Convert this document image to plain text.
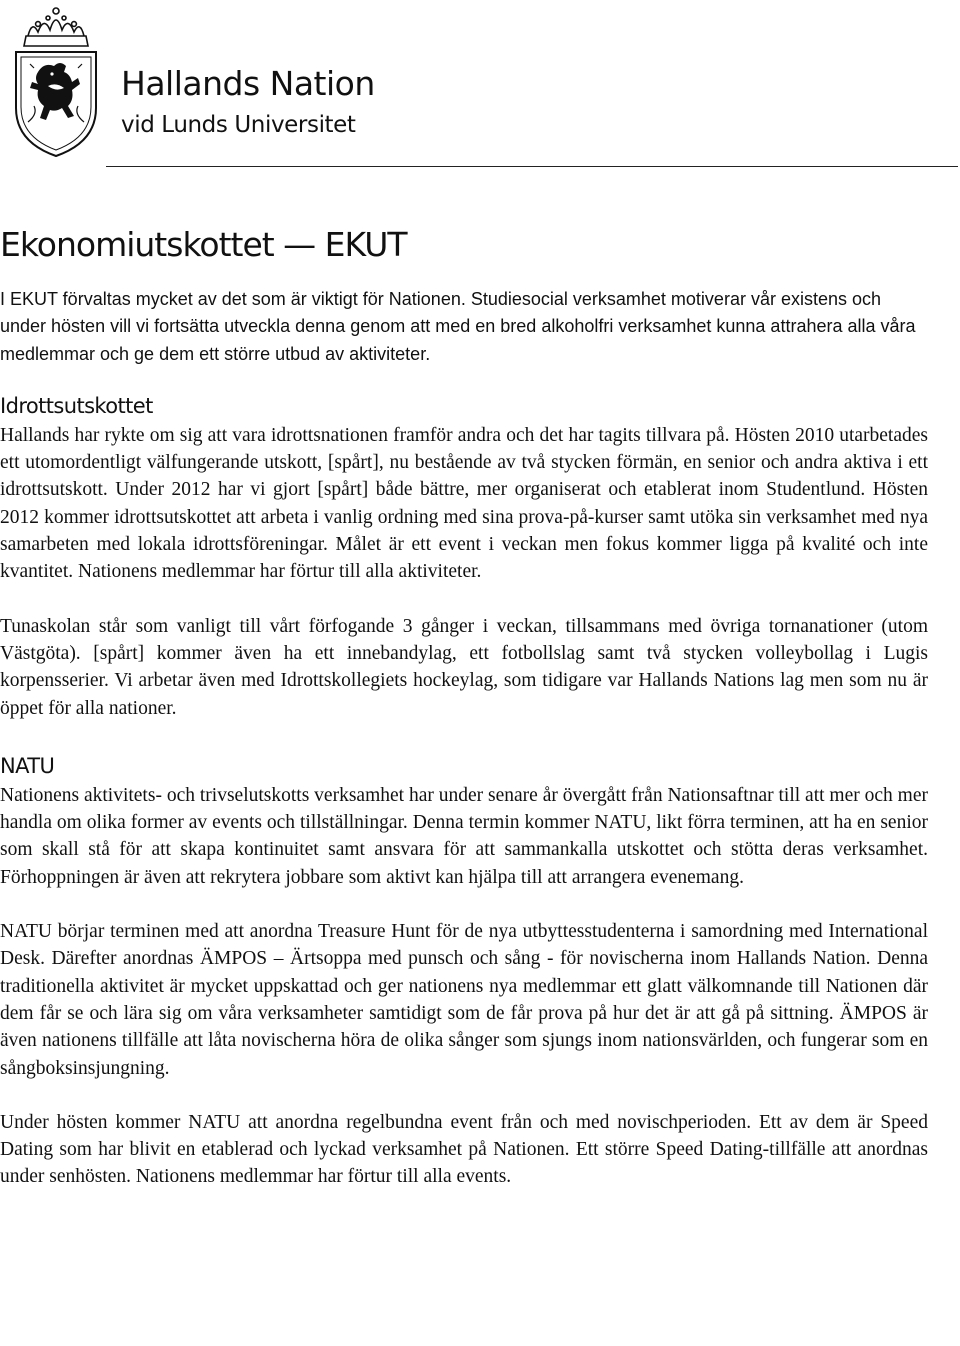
Hallands Nation
vid Lunds Universitet
Ekonomiutskottet — EKUT

I EKUT förvaltas mycket av det som är viktigt för Nationen. Studiesocial verksamhet motiverar vår existens och under hösten vill vi fortsätta utveckla denna genom att med en bred alkoholfri verksamhet kunna attrahera alla våra medlemmar och ge dem ett större utbud av aktiviteter.

Idrottsutskottet

Hallands har rykte om sig att vara idrottsnationen framför andra och det har tagits tillvara på. Hösten 2010 utarbetades ett utomordentligt välfungerande utskott, [spårt], nu bestående av två stycken förmän, en senior och andra aktiva i ett idrottsutskott. Under 2012 har vi gjort [spårt] både bättre, mer organiserat och etablerat inom Studentlund. Hösten 2012 kommer idrottsutskottet att arbeta i vanlig ordning med sina prova-på-kurser samt utöka sin verksamhet med nya samarbeten med lokala idrottsföreningar. Målet är ett event i veckan men fokus kommer ligga på kvalité och inte kvantitet. Nationens medlemmar har förtur till alla aktiviteter.

Tunaskolan står som vanligt till vårt förfogande 3 gånger i veckan, tillsammans med övriga tornanationer (utom Västgöta). [spårt] kommer även ha ett innebandylag, ett fotbollslag samt två stycken volleybollag i Lugis korpensserier. Vi arbetar även med Idrottskollegiets hockeylag, som tidigare var Hallands Nations lag men som nu är öppet för alla nationer.

NATU

Nationens aktivitets- och trivselutskotts verksamhet har under senare år övergått från Nationsaftnar till att mer och mer handla om olika former av events och tillställningar. Denna termin kommer NATU, likt förra terminen, att ha en senior som skall stå för att skapa kontinuitet samt ansvara för att sammankalla utskottet och stötta deras verksamhet. Förhoppningen är även att rekrytera jobbare som aktivt kan hjälpa till att arrangera evenemang.

NATU börjar terminen med att anordna Treasure Hunt för de nya utbyttesstudenterna i samordning med International Desk. Därefter anordnas ÄMPOS – Ärtsoppa med punsch och sång - för novischerna inom Hallands Nation. Denna traditionella aktivitet är mycket uppskattad och ger nationens nya medlemmar ett glatt välkomnande till Nationen där dem får se och lära sig om våra verksamheter samtidigt som de får prova på hur det är att gå på sittning. ÄMPOS är även nationens tillfälle att låta novischerna höra de olika sånger som sjungs inom nationsvärlden, och fungerar som en sångboksinsjungning.

Under hösten kommer NATU att anordna regelbundna event från och med novischperioden. Ett av dem är Speed Dating som har blivit en etablerad och lyckad verksamhet på Nationen. Ett större Speed Dating-tillfälle att anordnas under senhösten. Nationens medlemmar har förtur till alla events.
